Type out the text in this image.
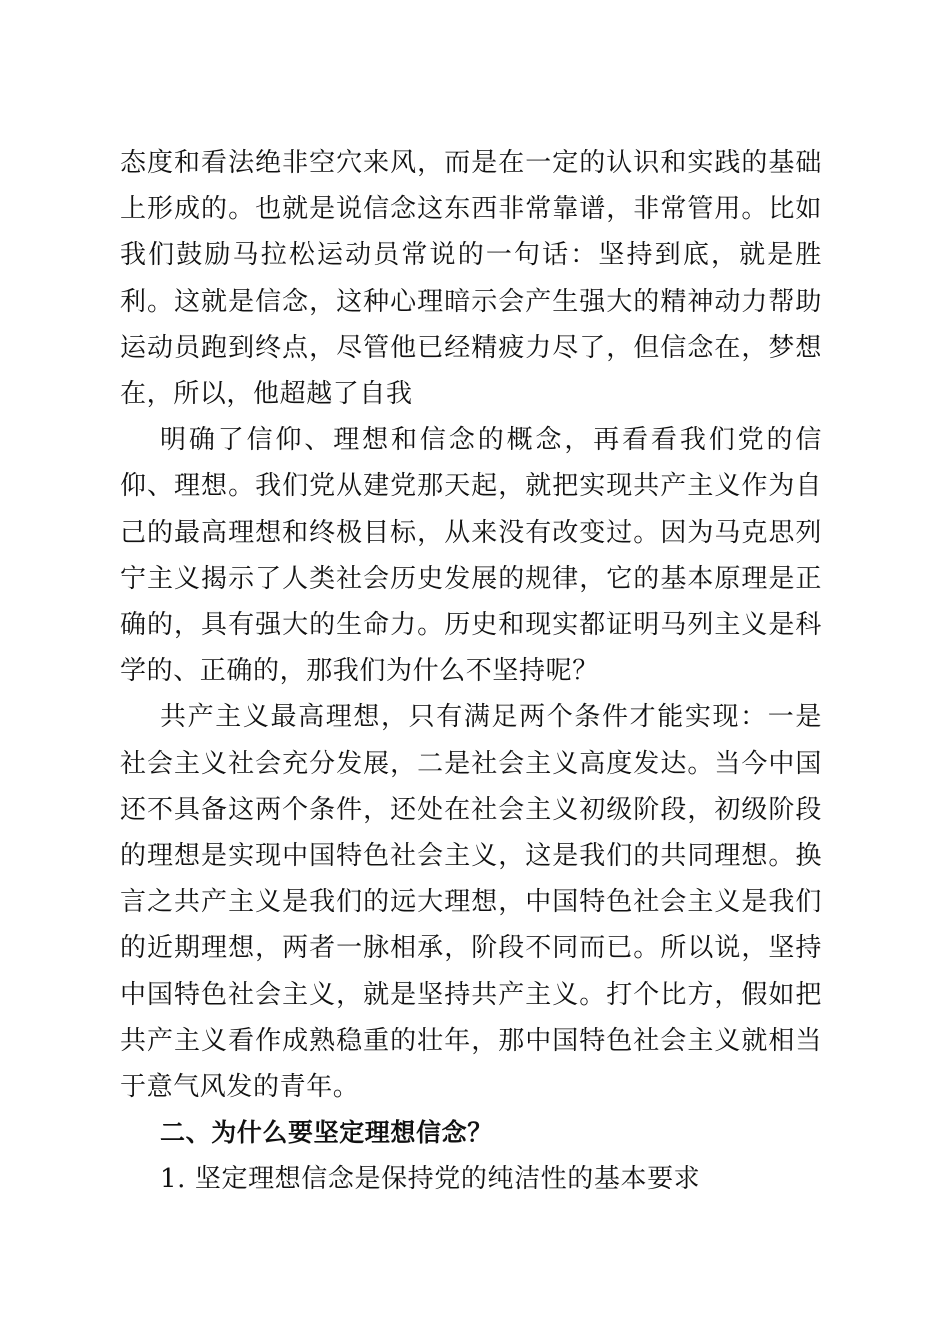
态度和看法绝非空穴来风，而是在一定的认识和实践的基础上形成的。也就是说信念这东西非常靠谱，非常管用。比如我们鼓励马拉松运动员常说的一句话：坚持到底，就是胜利。这就是信念，这种心理暗示会产生强大的精神动力帮助运动员跑到终点，尽管他已经精疲力尽了，但信念在，梦想在，所以，他超越了自我

明确了信仰、理想和信念的概念，再看看我们党的信仰、理想。我们党从建党那天起，就把实现共产主义作为自己的最高理想和终极目标，从来没有改变过。因为马克思列宁主义揭示了人类社会历史发展的规律，它的基本原理是正确的，具有强大的生命力。历史和现实都证明马列主义是科学的、正确的，那我们为什么不坚持呢？

共产主义最高理想，只有满足两个条件才能实现：一是社会主义社会充分发展，二是社会主义高度发达。当今中国还不具备这两个条件，还处在社会主义初级阶段，初级阶段的理想是实现中国特色社会主义，这是我们的共同理想。换言之共产主义是我们的远大理想，中国特色社会主义是我们的近期理想，两者一脉相承，阶段不同而已。所以说，坚持中国特色社会主义，就是坚持共产主义。打个比方，假如把共产主义看作成熟稳重的壮年，那中国特色社会主义就相当于意气风发的青年。

二、为什么要坚定理想信念？

1. 坚定理想信念是保持党的纯洁性的基本要求
